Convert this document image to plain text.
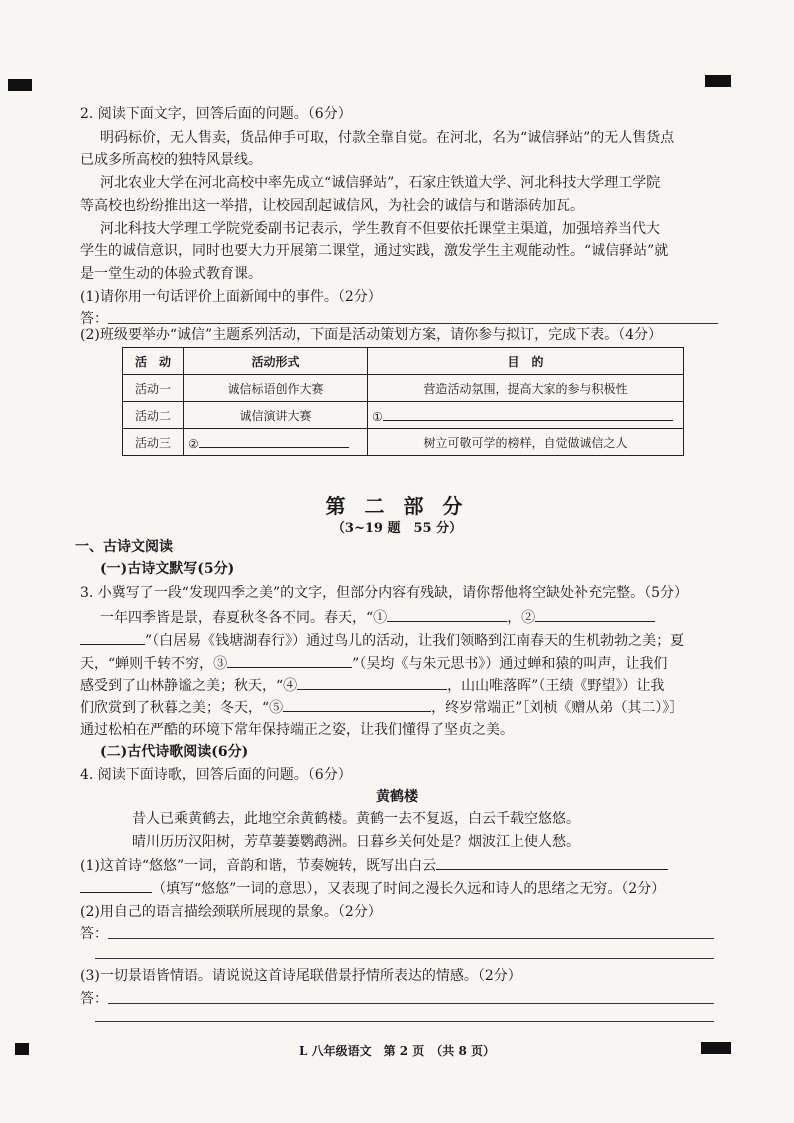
2. 阅读下面文字，回答后面的问题。（6分）
明码标价，无人售卖，货品伸手可取，付款全靠自觉。在河北，名为“诚信驿站”的无人售货点
已成多所高校的独特风景线。
河北农业大学在河北高校中率先成立“诚信驿站”，石家庄铁道大学、河北科技大学理工学院
等高校也纷纷推出这一举措，让校园刮起诚信风，为社会的诚信与和谐添砖加瓦。
河北科技大学理工学院党委副书记表示，学生教育不但要依托课堂主渠道，加强培养当代大
学生的诚信意识，同时也要大力开展第二课堂，通过实践，激发学生主观能动性。“诚信驿站”就
是一堂生动的体验式教育课。
(1)请你用一句话评价上面新闻中的事件。（2分）
答：
(2)班级要举办“诚信”主题系列活动，下面是活动策划方案，请你参与拟订，完成下表。（4分）
活　动	活动形式	目　的
活动一	诚信标语创作大赛	营造活动氛围，提高大家的参与积极性
活动二	诚信演讲大赛	①
活动三	②	树立可敬可学的榜样，自觉做诚信之人
第 二 部 分
（3~19 题　55 分）
一、古诗文阅读
(一)古诗文默写(5分)
3. 小冀写了一段“发现四季之美”的文字，但部分内容有残缺，请你帮他将空缺处补充完整。（5分）
一年四季皆是景，春夏秋冬各不同。春天，“①	，②
”（白居易《钱塘湖春行》）通过鸟儿的活动，让我们领略到江南春天的生机勃勃之美；夏
天，“蝉则千转不穷，③	”（吴均《与朱元思书》）通过蝉和猿的叫声，让我们
感受到了山林静谧之美；秋天，“④	，山山唯落晖”（王绩《野望》）让我
们欣赏到了秋暮之美；冬天，“⑤	，终岁常端正”［刘桢《赠从弟（其二）》］
通过松柏在严酷的环境下常年保持端正之姿，让我们懂得了坚贞之美。
(二)古代诗歌阅读(6分)
4. 阅读下面诗歌，回答后面的问题。（6分）
黄鹤楼
昔人已乘黄鹤去，此地空余黄鹤楼。黄鹤一去不复返，白云千载空悠悠。
晴川历历汉阳树，芳草萋萋鹦鹉洲。日暮乡关何处是？烟波江上使人愁。
(1)这首诗“悠悠”一词，音韵和谐，节奏婉转，既写出白云
（填写“悠悠”一词的意思），又表现了时间之漫长久远和诗人的思绪之无穷。（2分）
(2)用自己的语言描绘颈联所展现的景象。（2分）
答：
(3)一切景语皆情语。请说说这首诗尾联借景抒情所表达的情感。（2分）
答：
L 八年级语文　第 2 页　（共 8 页）
